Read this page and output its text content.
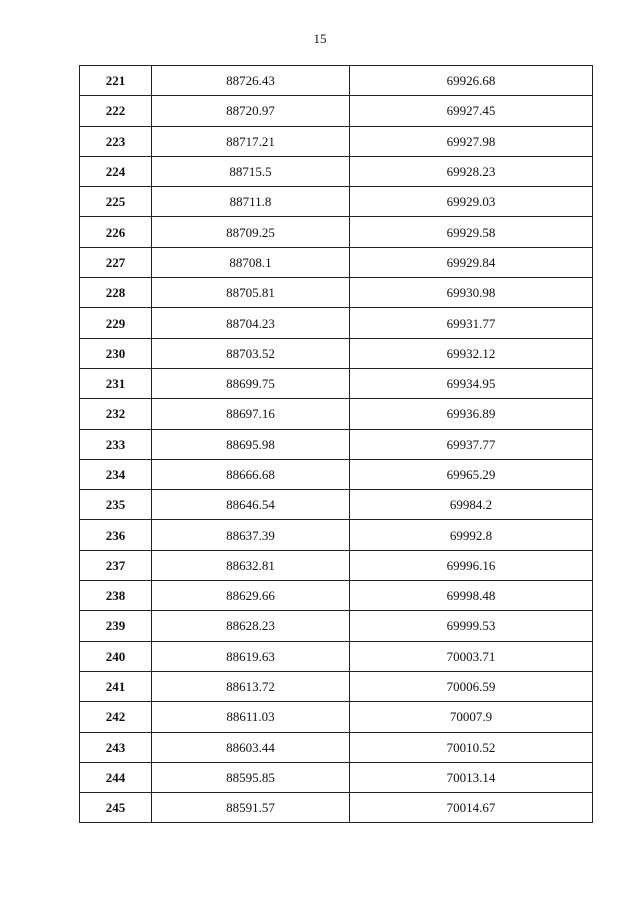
15
221	88726.43	69926.68
222	88720.97	69927.45
223	88717.21	69927.98
224	88715.5	69928.23
225	88711.8	69929.03
226	88709.25	69929.58
227	88708.1	69929.84
228	88705.81	69930.98
229	88704.23	69931.77
230	88703.52	69932.12
231	88699.75	69934.95
232	88697.16	69936.89
233	88695.98	69937.77
234	88666.68	69965.29
235	88646.54	69984.2
236	88637.39	69992.8
237	88632.81	69996.16
238	88629.66	69998.48
239	88628.23	69999.53
240	88619.63	70003.71
241	88613.72	70006.59
242	88611.03	70007.9
243	88603.44	70010.52
244	88595.85	70013.14
245	88591.57	70014.67
